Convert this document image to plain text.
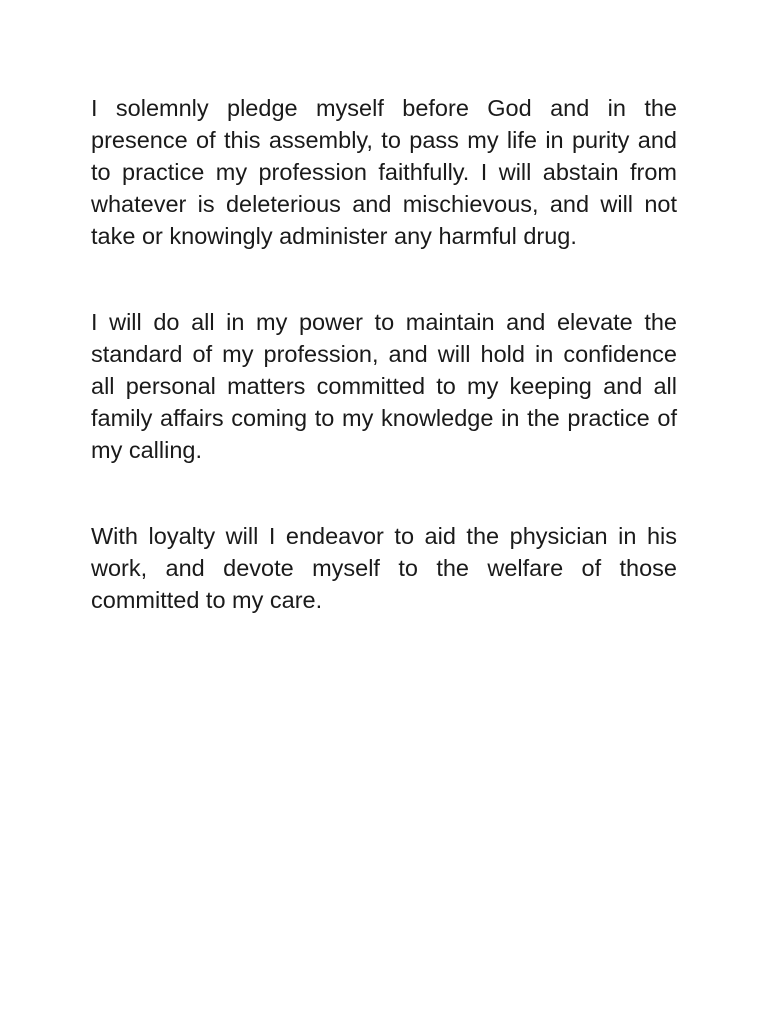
I solemnly pledge myself before God and in the presence of this assembly, to pass my life in purity and to practice my profession faithfully. I will abstain from whatever is deleterious and mischievous, and will not take or knowingly administer any harmful drug.

I will do all in my power to maintain and elevate the standard of my profession, and will hold in confidence all personal matters committed to my keeping and all family affairs coming to my knowledge in the practice of my calling.

With loyalty will I endeavor to aid the physician in his work, and devote myself to the welfare of those committed to my care.
